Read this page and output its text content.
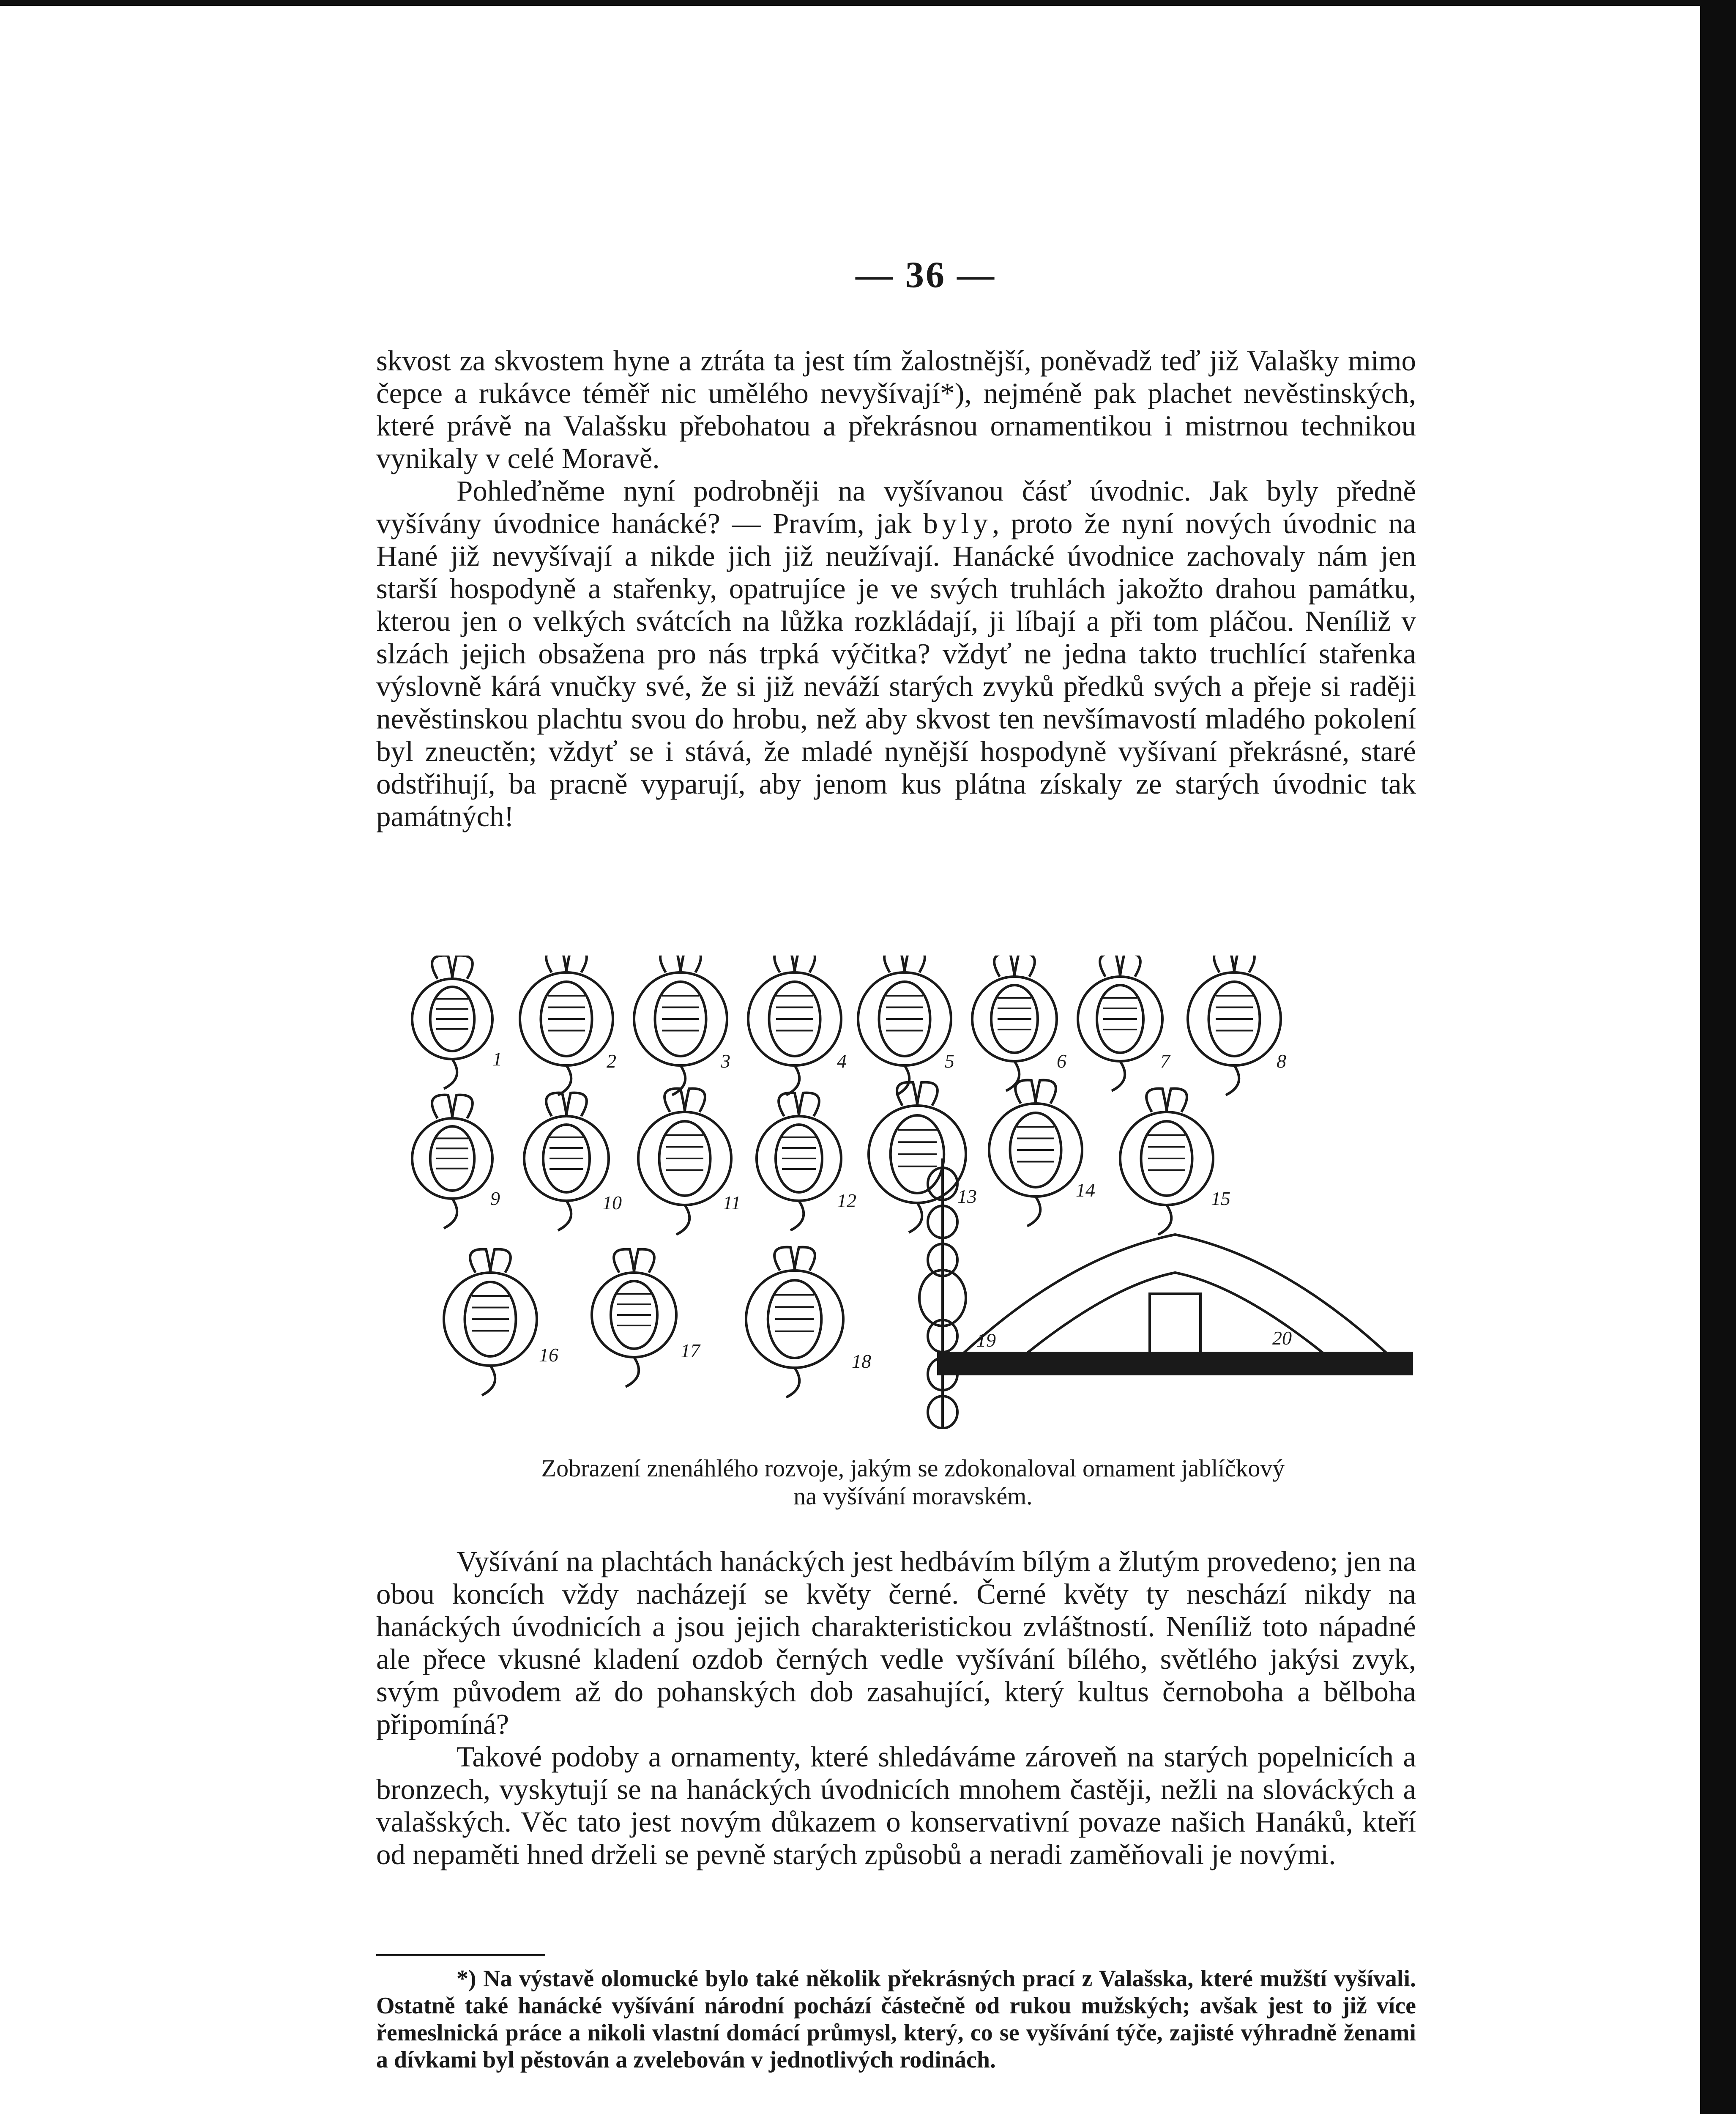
— 36 —

skvost za skvostem hyne a ztráta ta jest tím žalostnější, poněvadž teď již Valašky mimo čepce a rukávce téměř nic umělého nevyšívají*), nejméně pak plachet nevěstinských, které právě na Valašsku přebohatou a překrásnou ornamentikou i mistrnou technikou vynikaly v celé Moravě.

Pohleďněme nyní podrobněji na vyšívanou čásť úvodnic. Jak byly předně vyšívány úvodnice hanácké? — Pravím, jak byly, proto že nyní nových úvodnic na Hané již nevyšívají a nikde jich již neužívají. Hanácké úvodnice zachovaly nám jen starší hospodyně a stařenky, opatrujíce je ve svých truhlách jakožto drahou památku, kterou jen o velkých svátcích na lůžka rozkládají, ji líbají a při tom pláčou. Neníliž v slzách jejich obsažena pro nás trpká výčitka? vždyť ne jedna takto truchlící stařenka výslovně kárá vnučky své, že si již neváží starých zvyků předků svých a přeje si raději nevěstinskou plachtu svou do hrobu, než aby skvost ten nevšímavostí mladého pokolení byl zneuctěn; vždyť se i stává, že mladé nynější hospodyně vyšívaní překrásné, staré odstřihují, ba pracně vyparují, aby jenom kus plátna získaly ze starých úvodnic tak památných!

1	2	3	4	5	6	7	8
9	10	11	12	13	14	15
16	17	18
19	20
Zobrazení znenáhlého rozvoje, jakým se zdokonaloval ornament jablíčkový
na vyšívání moravském.

Vyšívání na plachtách hanáckých jest hedbávím bílým a žlutým provedeno; jen na obou koncích vždy nacházejí se květy černé. Černé květy ty neschází nikdy na hanáckých úvodnicích a jsou jejich charakteristickou zvláštností. Neníliž toto nápadné ale přece vkusné kladení ozdob černých vedle vyšívání bílého, světlého jakýsi zvyk, svým původem až do pohanských dob zasahující, který kultus černoboha a bělboha připomíná?

Takové podoby a ornamenty, které shledáváme zároveň na starých popelnicích a bronzech, vyskytují se na hanáckých úvodnicích mnohem častěji, nežli na slováckých a valašských. Věc tato jest novým důkazem o konservativní povaze našich Hanáků, kteří od nepaměti hned drželi se pevně starých způsobů a neradi zaměňovali je novými.

*) Na výstavě olomucké bylo také několik překrásných prací z Valašska, které mužští vyšívali. Ostatně také hanácké vyšívání národní pochází částečně od rukou mužských; avšak jest to již více řemeslnická práce a nikoli vlastní domácí průmysl, který, co se vyšívání týče, zajisté výhradně ženami a dívkami byl pěstován a zvelebován v jednotlivých rodinách.
